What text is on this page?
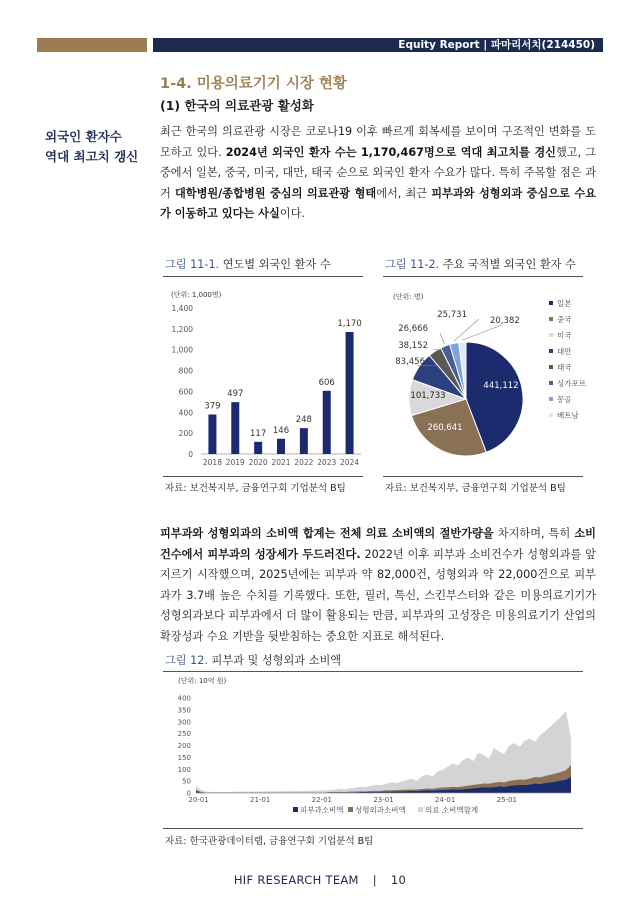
Equity Report | 파마리서치(214450)
1-4. 미용의료기기 시장 현황
(1) 한국의 의료관광 활성화
외국인 환자수
역대 최고치 갱신
최근 한국의 의료관광 시장은 코로나19 이후 빠르게 회복세를 보이며 구조적인 변화를 도모하고 있다. 2024년 외국인 환자 수는 1,170,467명으로 역대 최고치를 경신했고, 그 중에서 일본, 중국, 미국, 대만, 태국 순으로 외국인 환자 수요가 많다. 특히 주목할 점은 과거 대학병원/종합병원 중심의 의료관광 형태에서, 최근 피부과와 성형외과 중심으로 수요가 이동하고 있다는 사실이다.
그림 11-1. 연도별 외국인 환자 수	그림 11-2. 주요 국적별 외국인 환자 수
(단위: 1,000명)
0
200
400
600
800
1,000
1,200
1,400
379
2018
497
2019
117
2020
146
2021
248
2022
606
2023
1,170
2024
자료: 보건복지부, 금융연구회 기업분석 B팀
(단위: 명)
441,112
260,641
101,733
83,456
38,152
26,666
25,731
20,382
일본
중국
미국
대만
태국
싱가포르
몽골
베트남
자료: 보건복지부, 금융연구회 기업분석 B팀
피부과와 성형외과의 소비액 합계는 전체 의료 소비액의 절반가량을 차지하며, 특히 소비건수에서 피부과의 성장세가 두드러진다. 2022년 이후 피부과 소비건수가 성형외과를 앞지르기 시작했으며, 2025년에는 피부과 약 82,000건, 성형외과 약 22,000건으로 피부과가 3.7배 높은 수치를 기록했다. 또한, 필러, 톡신, 스킨부스터와 같은 미용의료기기가 성형외과보다 피부과에서 더 많이 활용되는 만큼, 피부과의 고성장은 미용의료기기 산업의 확장성과 수요 기반을 뒷받침하는 중요한 지표로 해석된다.
그림 12. 피부과 및 성형외과 소비액
(단위: 10억 원)
0
50
100
150
200
250
300
350
400
20-01	21-01	22-01	23-01	24-01	25-01
피부과소비액 성형외과소비액	의료 소비액합계
자료: 한국관광데이터랩, 금융연구회 기업분석 B팀
HIF RESEARCH TEAM | 10
